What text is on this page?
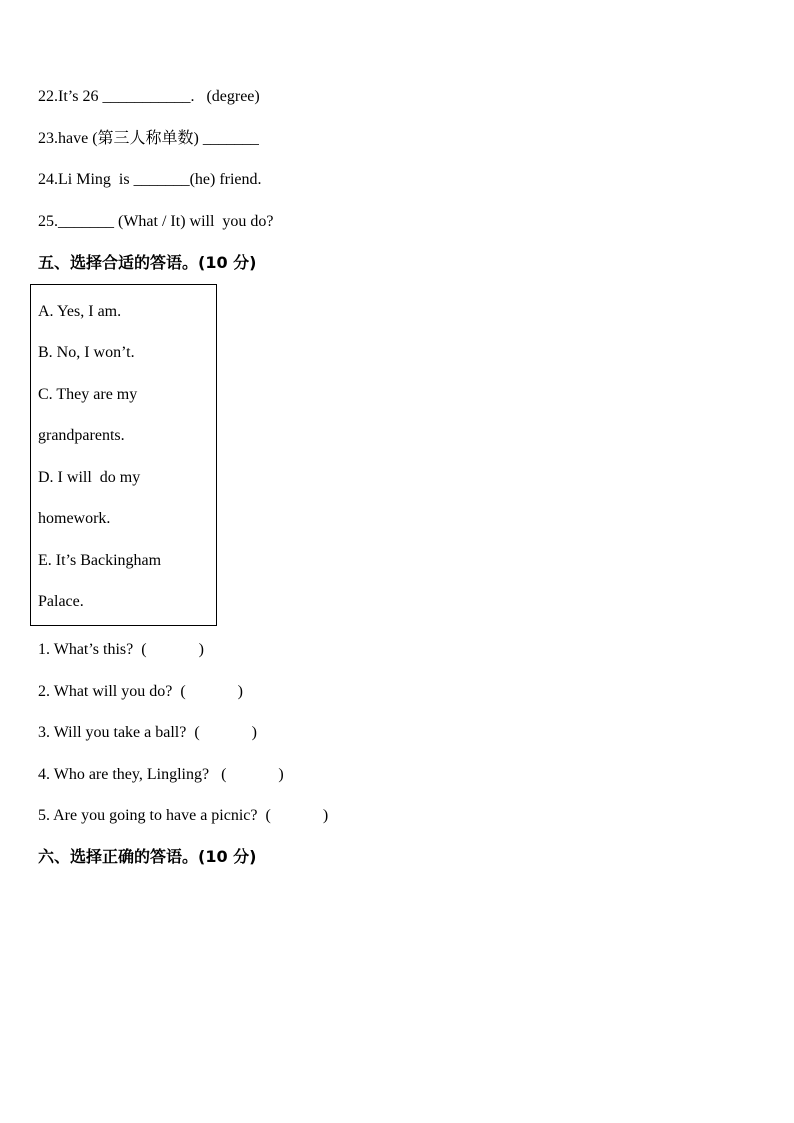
22.It’s 26 ___________.   (degree)
23.have (第三人称单数) _______
24.Li Ming  is _______(he) friend.
25._______ (What / It) will  you do?
五、选择合适的答语。(10 分)
A. Yes, I am.
B. No, I won’t.
C. They are my
grandparents.
D. I will  do my
homework.
E. It’s Backingham
Palace.
1. What’s this?  (             )
2. What will you do?  (             )
3. Will you take a ball?  (             )
4. Who are they, Lingling?   (             )
5. Are you going to have a picnic?  (             )
六、选择正确的答语。(10 分)
